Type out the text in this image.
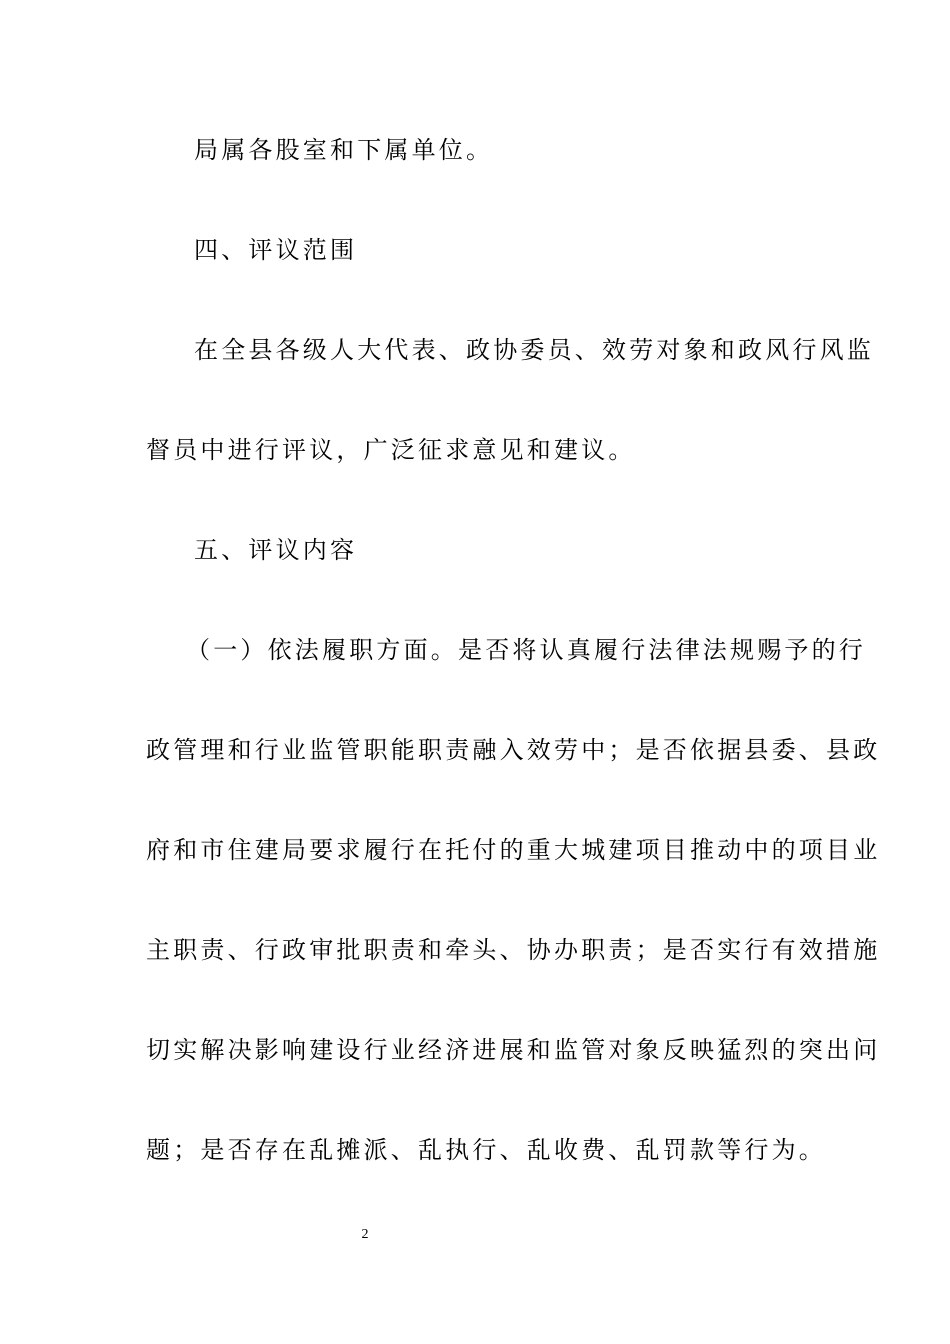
局属各股室和下属单位。
四、评议范围
在全县各级人大代表、政协委员、效劳对象和政风行风监
督员中进行评议，广泛征求意见和建议。
五、评议内容
（一）依法履职方面。是否将认真履行法律法规赐予的行
政管理和行业监管职能职责融入效劳中；是否依据县委、县政
府和市住建局要求履行在托付的重大城建项目推动中的项目业
主职责、行政审批职责和牵头、协办职责；是否实行有效措施
切实解决影响建设行业经济进展和监管对象反映猛烈的突出问
题；是否存在乱摊派、乱执行、乱收费、乱罚款等行为。
2
